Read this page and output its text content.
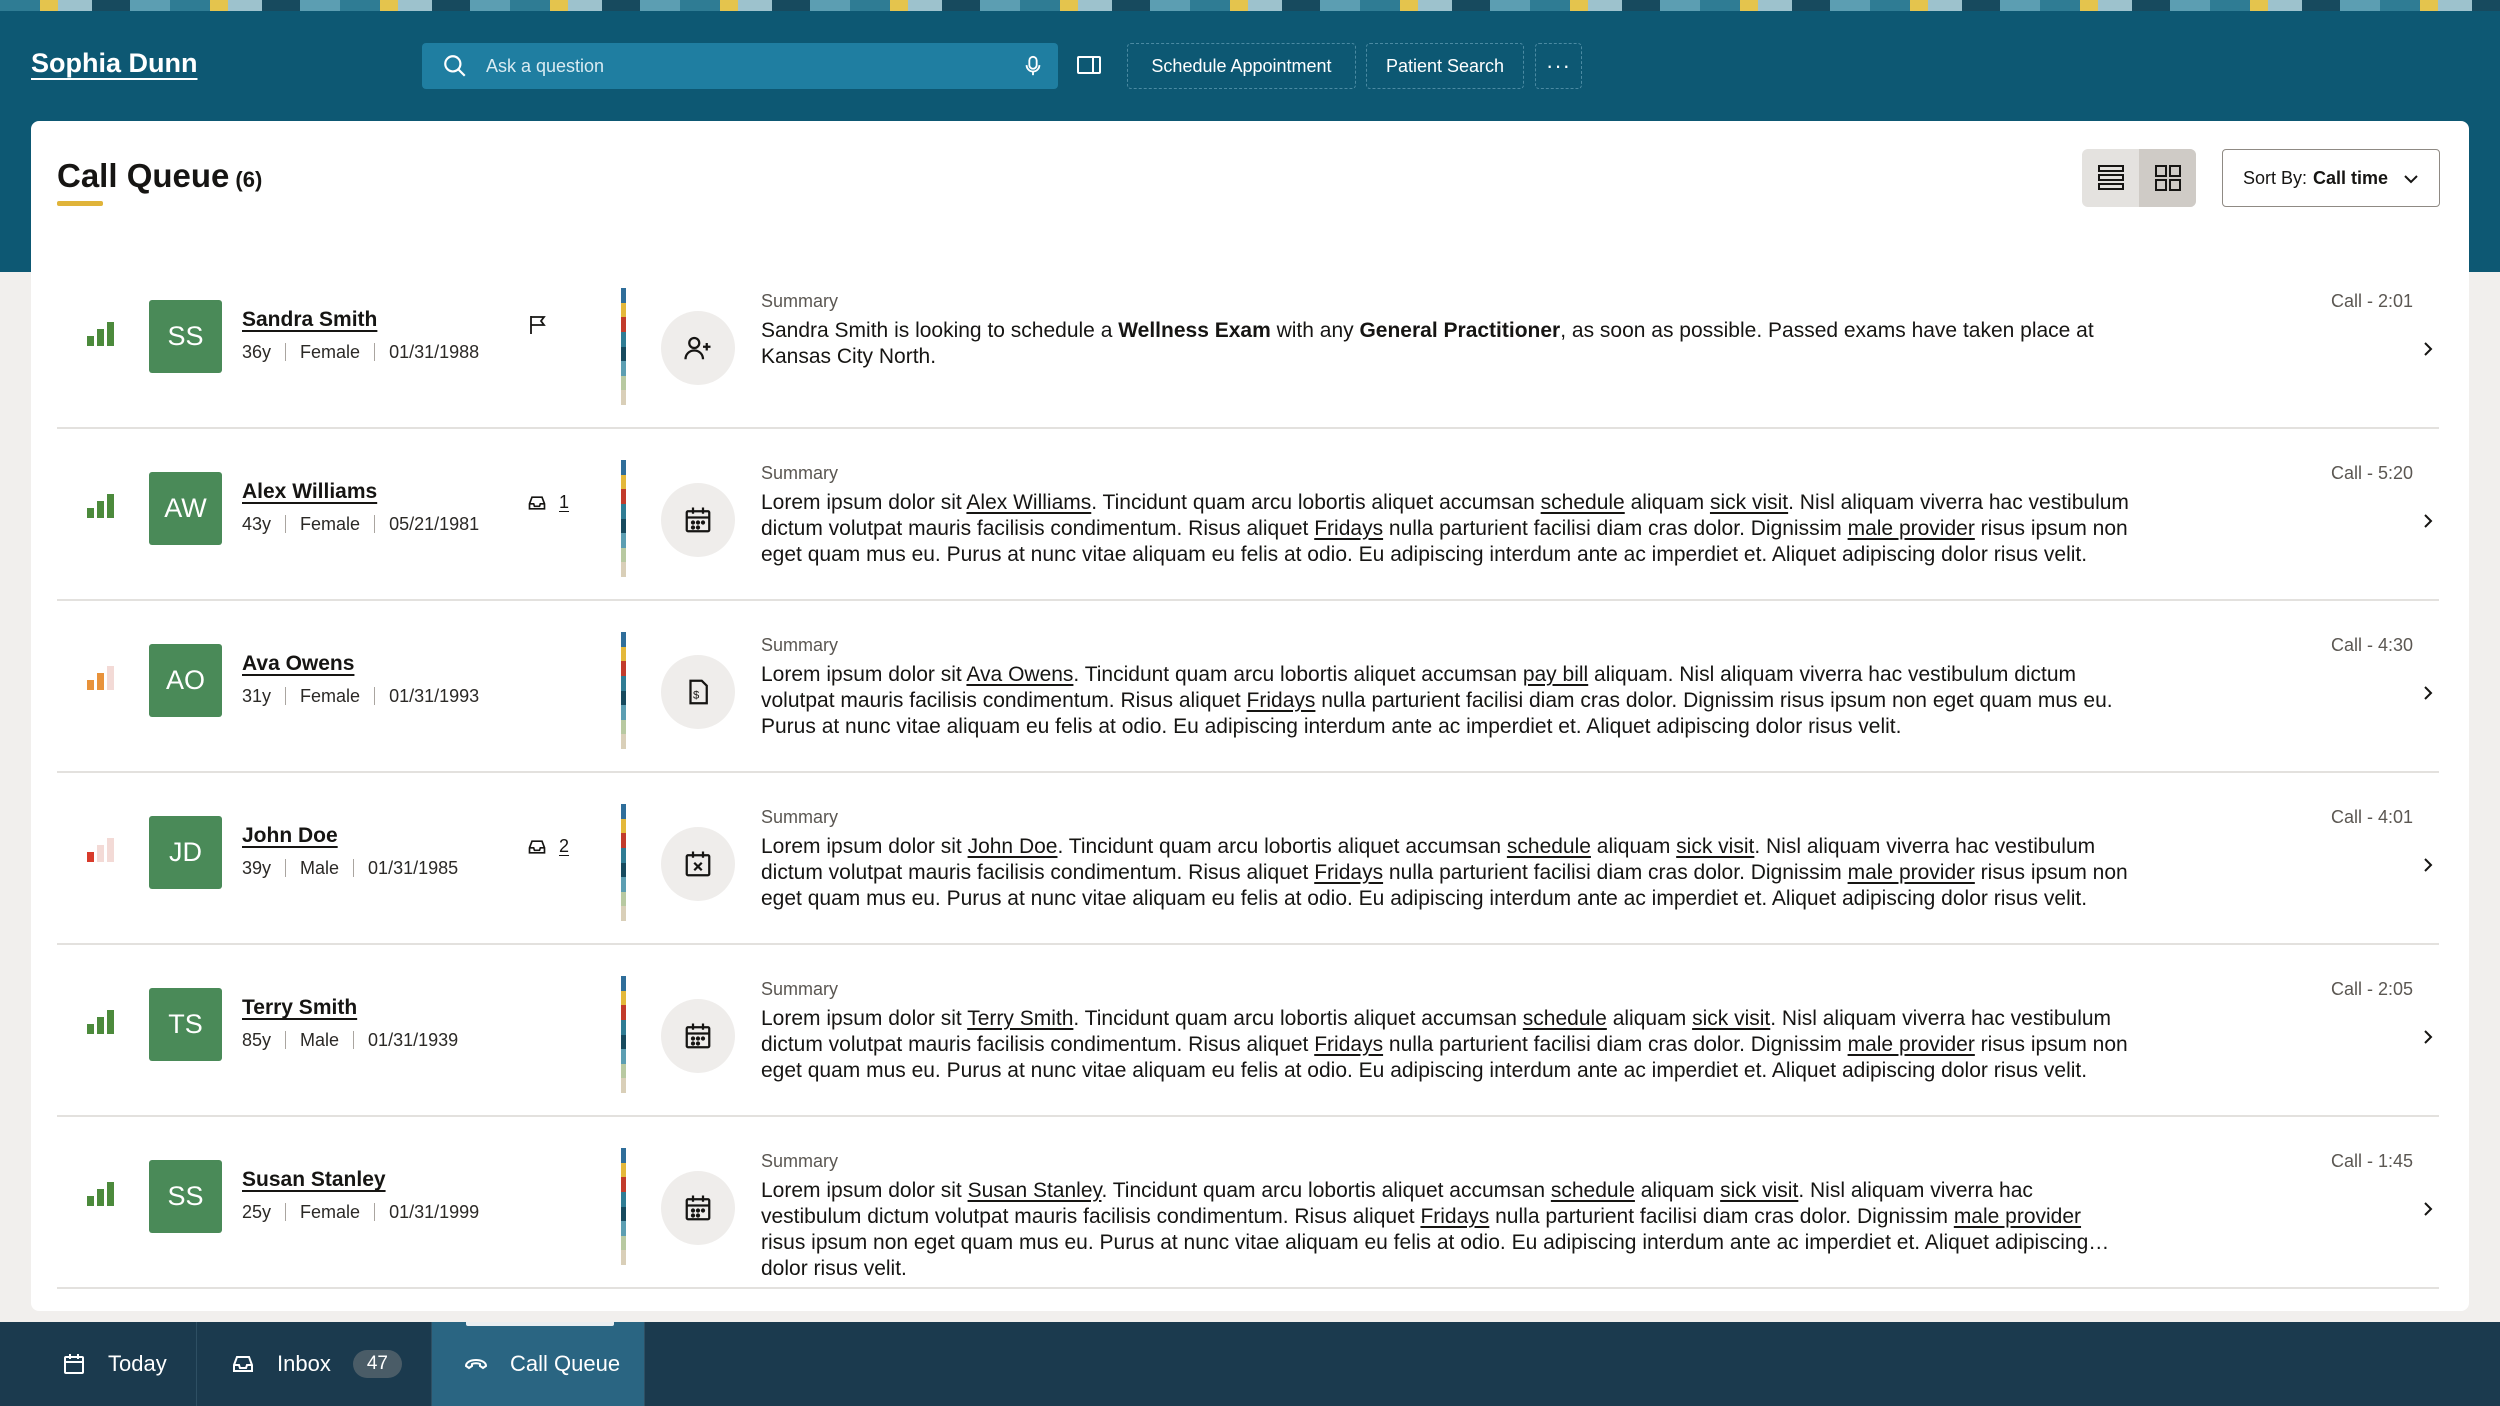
Sophia Dunn
Ask a question	Schedule Appointment	Patient Search	···
Call Queue (6)	Sort By: Call time
SS
Sandra Smith
36y Female 01/31/1988
Summary
Sandra Smith is looking to schedule a Wellness Exam with any General Practitioner, as soon as possible. Passed exams have taken place at Kansas City North.
Call - 2:01
AW
Alex Williams
43y Female 05/21/1981
1
Summary
Lorem ipsum dolor sit Alex Williams. Tincidunt quam arcu lobortis aliquet accumsan schedule aliquam sick visit. Nisl aliquam viverra hac vestibulum dictum volutpat mauris facilisis condimentum. Risus aliquet Fridays nulla parturient facilisi diam cras dolor. Dignissim male provider risus ipsum non eget quam mus eu. Purus at nunc vitae aliquam eu felis at odio. Eu adipiscing interdum ante ac imperdiet et. Aliquet adipiscing dolor risus velit.
Call - 5:20
AO
Ava Owens
31y Female 01/31/1993	$
Summary
Lorem ipsum dolor sit Ava Owens. Tincidunt quam arcu lobortis aliquet accumsan pay bill aliquam. Nisl aliquam viverra hac vestibulum dictum volutpat mauris facilisis condimentum. Risus aliquet Fridays nulla parturient facilisi diam cras dolor. Dignissim risus ipsum non eget quam mus eu. Purus at nunc vitae aliquam eu felis at odio. Eu adipiscing interdum ante ac imperdiet et. Aliquet adipiscing dolor risus velit.
Call - 4:30
JD
John Doe
39y Male 01/31/1985
2
Summary
Lorem ipsum dolor sit John Doe. Tincidunt quam arcu lobortis aliquet accumsan schedule aliquam sick visit. Nisl aliquam viverra hac vestibulum dictum volutpat mauris facilisis condimentum. Risus aliquet Fridays nulla parturient facilisi diam cras dolor. Dignissim male provider risus ipsum non eget quam mus eu. Purus at nunc vitae aliquam eu felis at odio. Eu adipiscing interdum ante ac imperdiet et. Aliquet adipiscing dolor risus velit.
Call - 4:01
TS
Terry Smith
85y Male 01/31/1939
Summary
Lorem ipsum dolor sit Terry Smith. Tincidunt quam arcu lobortis aliquet accumsan schedule aliquam sick visit. Nisl aliquam viverra hac vestibulum dictum volutpat mauris facilisis condimentum. Risus aliquet Fridays nulla parturient facilisi diam cras dolor. Dignissim male provider risus ipsum non eget quam mus eu. Purus at nunc vitae aliquam eu felis at odio. Eu adipiscing interdum ante ac imperdiet et. Aliquet adipiscing dolor risus velit.
Call - 2:05
SS
Susan Stanley
25y Female 01/31/1999
Summary
Lorem ipsum dolor sit Susan Stanley. Tincidunt quam arcu lobortis aliquet accumsan schedule aliquam sick visit. Nisl aliquam viverra hac vestibulum dictum volutpat mauris facilisis condimentum. Risus aliquet Fridays nulla parturient facilisi diam cras dolor. Dignissim male provider risus ipsum non eget quam mus eu. Purus at nunc vitae aliquam eu felis at odio. Eu adipiscing interdum ante ac imperdiet et. Aliquet adipiscing dolor risus velit.
Call - 1:45
Today	Inbox	47	Call Queue
